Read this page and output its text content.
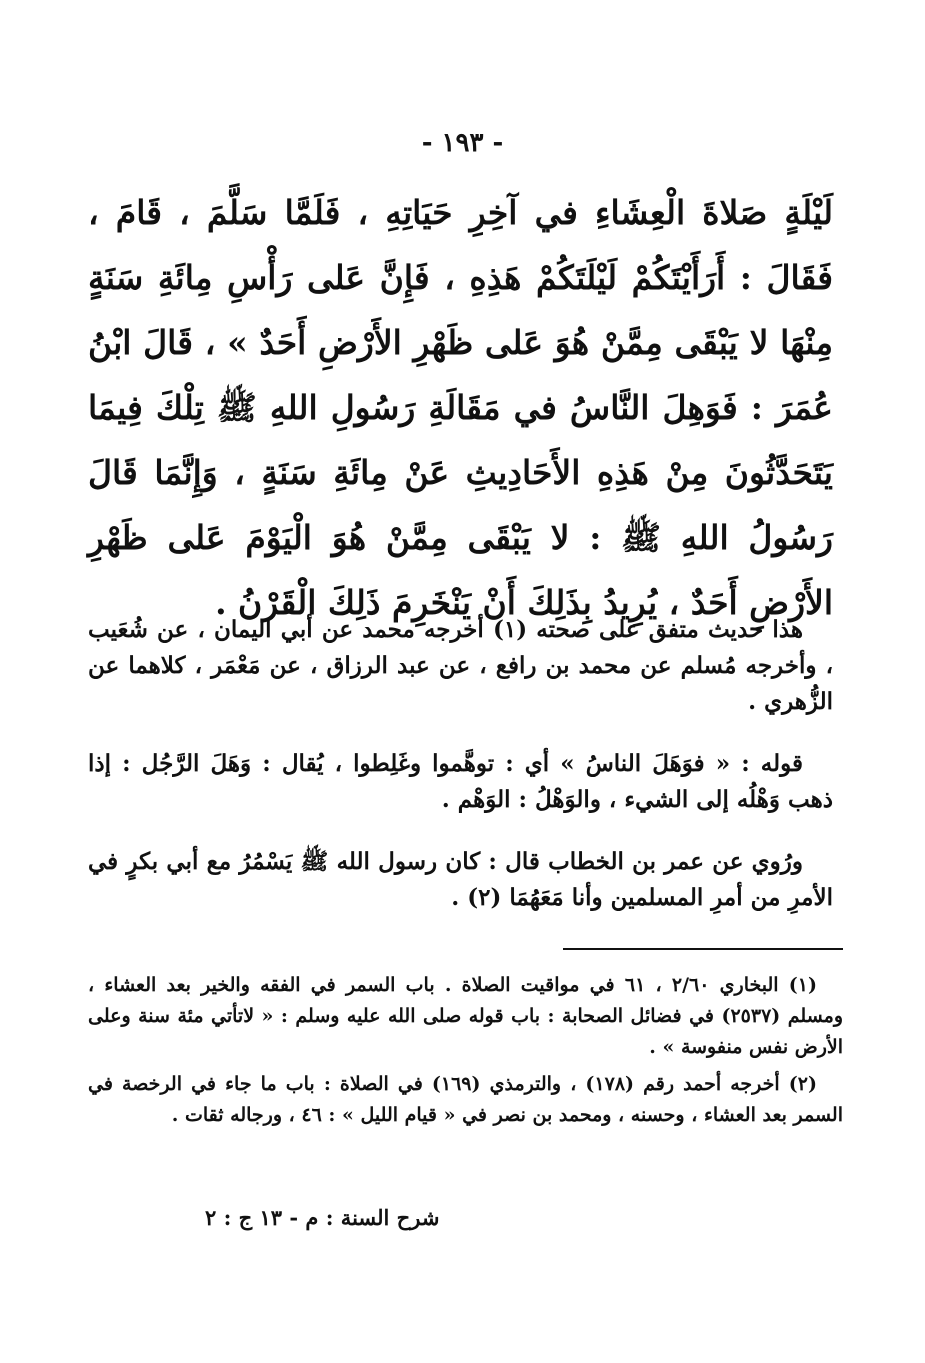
- ١٩٣ -
لَيْلَةٍ صَلاةَ الْعِشَاءِ في آخِرِ حَيَاتِهِ ، فَلَمَّا سَلَّمَ ، قَامَ ، فَقَالَ : أَرَأَيْتَكُمْ لَيْلَتَكُمْ هَذِهِ ، فَإِنَّ عَلى رَأْسِ مِائَةِ سَنَةٍ مِنْهَا لا يَبْقَى مِمَّنْ هُوَ عَلى ظَهْرِ الأَرْضِ أَحَدٌ » ، قَالَ ابْنُ عُمَرَ : فَوَهِلَ النَّاسُ في مَقَالَةِ رَسُولِ اللهِ ﷺ تِلْكَ فِيمَا يَتَحَدَّثُونَ مِنْ هَذِهِ الأَحَادِيثِ عَنْ مِائَةِ سَنَةٍ ، وَإِنَّمَا قَالَ رَسُولُ اللهِ ﷺ : لا يَبْقَى مِمَّنْ هُوَ الْيَوْمَ عَلى ظَهْرِ الأَرْضِ أَحَدٌ ، يُرِيدُ بِذَلِكَ أَنْ يَنْخَرِمَ ذَلِكَ الْقَرْنُ .

هذا حديث متفق على صحته (١) أخرجه محمد عن أبي اليمان ، عن شُعَيب ، وأخرجه مُسلم عن محمد بن رافع ، عن عبد الرزاق ، عن مَعْمَر ، كلاهما عن الزُّهري .

قوله : « فوَهَلَ الناسُ » أي : توهَّموا وغَلِطوا ، يُقال : وَهَلَ الرَّجُل : إذا ذهب وَهْلُه إلى الشيء ، والوَهْلُ : الوَهْم .

ورُوي عن عمر بن الخطاب قال : كان رسول الله ﷺ يَسْمُرُ مع أبي بكرٍ في الأمرِ من أمرِ المسلمين وأنا مَعَهُمَا (٢) .

(١) البخاري ٢/٦٠ ، ٦١ في مواقيت الصلاة . باب السمر في الفقه والخير بعد العشاء ، ومسلم (٢٥٣٧) في فضائل الصحابة : باب قوله صلى الله عليه وسلم : « لاتأتي مئة سنة وعلى الأرض نفس منفوسة » .

(٢) أخرجه أحمد رقم (١٧٨) ، والترمذي (١٦٩) في الصلاة : باب ما جاء في الرخصة في السمر بعد العشاء ، وحسنه ، ومحمد بن نصر في « قيام الليل » : ٤٦ ، ورجاله ثقات .

شرح السنة : م - ١٣ ج : ٢
